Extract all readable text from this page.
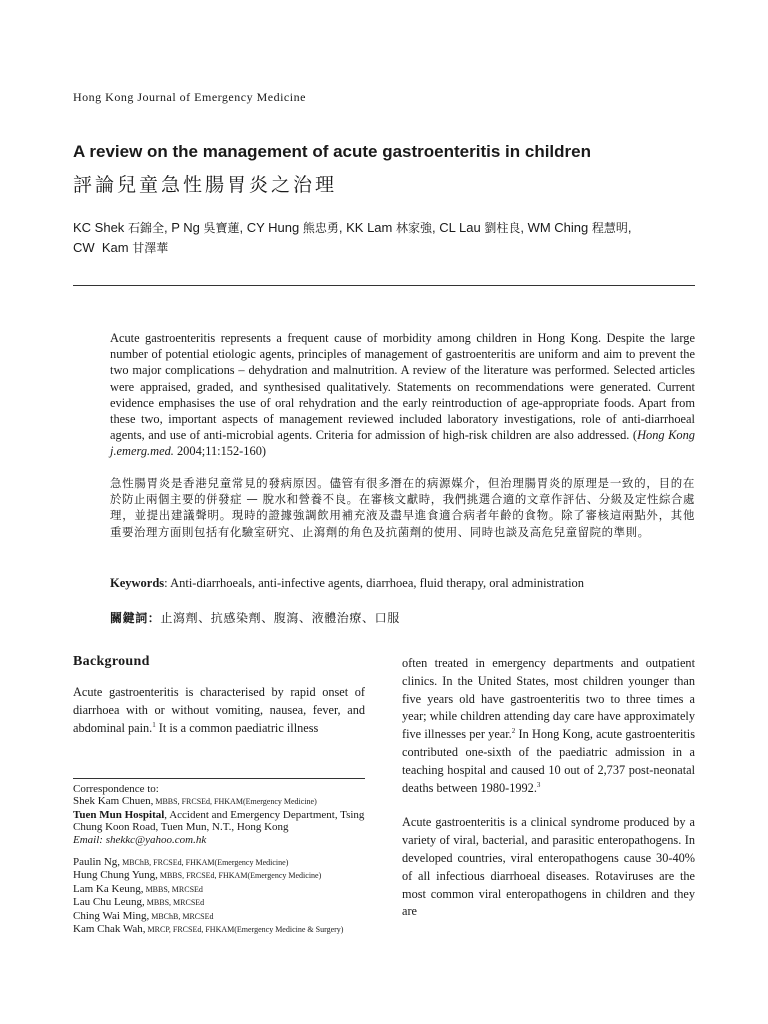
Hong Kong Journal of Emergency Medicine
A review on the management of acute gastroenteritis in children
評論兒童急性腸胃炎之治理
KC Shek 石錦全, P Ng 吳寶蓮, CY Hung 熊忠勇, KK Lam 林家強, CL Lau 劉柱良, WM Ching 程慧明,
CW  Kam 甘澤華
Acute gastroenteritis represents a frequent cause of morbidity among children in Hong Kong. Despite the large number of potential etiologic agents, principles of management of gastroenteritis are uniform and aim to prevent the two major complications – dehydration and malnutrition. A review of the literature was performed. Selected articles were appraised, graded, and synthesised qualitatively. Statements on recommendations were generated. Current evidence emphasises the use of oral rehydration and the early reintroduction of age-appropriate foods. Apart from these two, important aspects of management reviewed included laboratory investigations, role of anti-diarrhoeal agents, and use of anti-microbial agents. Criteria for admission of high-risk children are also addressed. (Hong Kong j.emerg.med. 2004;11:152-160)
急性腸胃炎是香港兒童常見的發病原因。儘管有很多潛在的病源媒介，但治理腸胃炎的原理是一致的，目的在於防止兩個主要的併發症 — 脫水和營養不良。在審核文獻時，我們挑選合適的文章作評估、分級及定性綜合處理，並提出建議聲明。現時的證據強調飲用補充液及盡早進食適合病者年齡的食物。除了審核這兩點外，其他重要治理方面則包括有化驗室研究、止瀉劑的角色及抗菌劑的使用、同時也談及高危兒童留院的準則。
Keywords: Anti-diarrhoeals, anti-infective agents, diarrhoea, fluid therapy, oral administration
關鍵詞：止瀉劑、抗感染劑、腹瀉、液體治療、口服
Background

Acute gastroenteritis is characterised by rapid onset of diarrhoea with or without vomiting, nausea, fever, and abdominal pain.$^1$ It is a common paediatric illness

Correspondence to:
Shek Kam Chuen, MBBS, FRCSEd, FHKAM(Emergency Medicine)
Tuen Mun Hospital, Accident and Emergency Department, Tsing Chung Koon Road, Tuen Mun, N.T., Hong Kong
Email: shekkc@yahoo.com.hk
Paulin Ng, MBChB, FRCSEd, FHKAM(Emergency Medicine)
Hung Chung Yung, MBBS, FRCSEd, FHKAM(Emergency Medicine)
Lam Ka Keung, MBBS, MRCSEd
Lau Chu Leung, MBBS, MRCSEd
Ching Wai Ming, MBChB, MRCSEd
Kam Chak Wah, MRCP, FRCSEd, FHKAM(Emergency Medicine & Surgery)

often treated in emergency departments and outpatient clinics. In the United States, most children younger than five years old have gastroenteritis two to three times a year; while children attending day care have approximately five illnesses per year.$^2$ In Hong Kong, acute gastroenteritis contributed one-sixth of the paediatric admission in a teaching hospital and caused 10 out of 2,737 post-neonatal deaths between 1980-1992.$^3$

Acute gastroenteritis is a clinical syndrome produced by a variety of viral, bacterial, and parasitic enteropathogens. In developed countries, viral enteropathogens cause 30-40% of all infectious diarrhoeal diseases. Rotaviruses are the most common viral enteropathogens in children and they are
